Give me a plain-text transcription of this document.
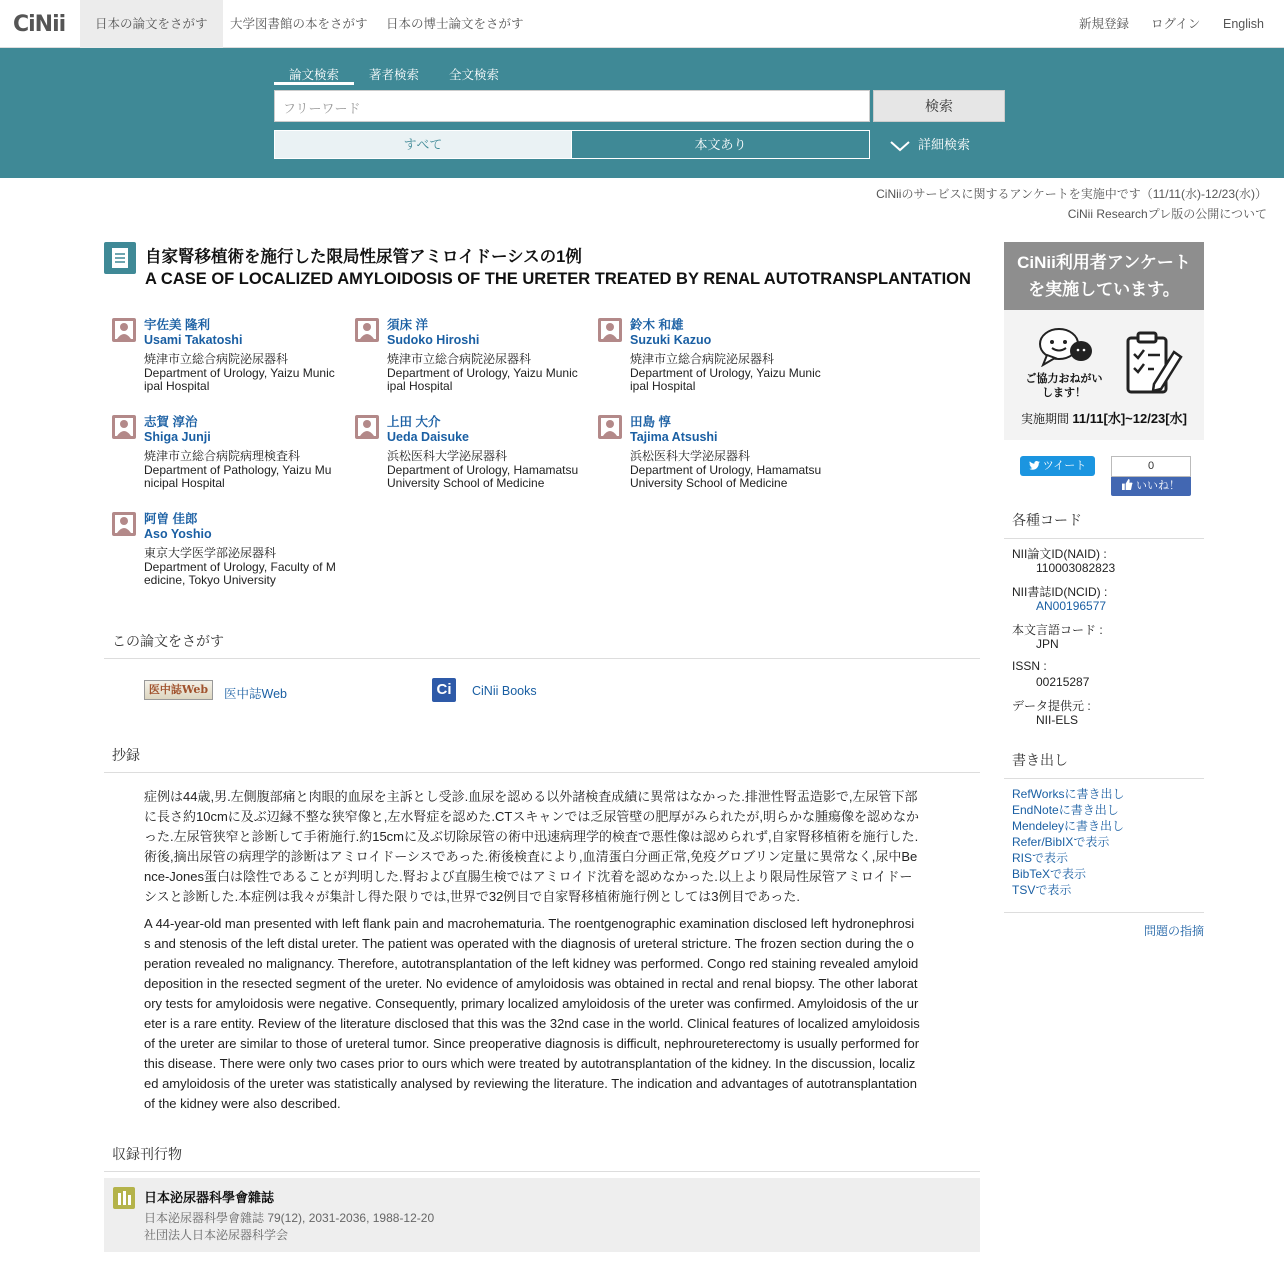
CiNii	日本の論文をさがす	大学図書館の本をさがす	日本の博士論文をさがす	新規登録 ログイン English
論文検索	著者検索	全文検索
フリーワード	検索
すべて	本文あり	詳細検索
CiNiiのサービスに関するアンケートを実施中です（11/11(水)-12/23(水)）
CiNii Researchプレ版の公開について
自家腎移植術を施行した限局性尿管アミロイドーシスの1例
A CASE OF LOCALIZED AMYLOIDOSIS OF THE URETER TREATED BY RENAL AUTOTRANSPLANTATION
宇佐美 隆利
Usami Takatoshi
焼津市立総合病院泌尿器科
Department of Urology, Yaizu Municipal Hospital
須床 洋
Sudoko Hiroshi
焼津市立総合病院泌尿器科
Department of Urology, Yaizu Municipal Hospital
鈴木 和雄
Suzuki Kazuo
焼津市立総合病院泌尿器科
Department of Urology, Yaizu Municipal Hospital
志賀 淳治
Shiga Junji
焼津市立総合病院病理検査科
Department of Pathology, Yaizu Municipal Hospital
上田 大介
Ueda Daisuke
浜松医科大学泌尿器科
Department of Urology, Hamamatsu University School of Medicine
田島 惇
Tajima Atsushi
浜松医科大学泌尿器科
Department of Urology, Hamamatsu University School of Medicine
阿曽 佳郎
Aso Yoshio
東京大学医学部泌尿器科
Department of Urology, Faculty of Medicine, Tokyo University
この論文をさがす
医中誌Web	医中誌Web	Ci	CiNii Books
抄録
症例は44歳,男.左側腹部痛と肉眼的血尿を主訴とし受診.血尿を認める以外諸検査成績に異常はなかった.排泄性腎盂造影で,左尿管下部に長さ約10cmに及ぶ辺縁不整な狭窄像と,左水腎症を認めた.CTスキャンでは乏尿管壁の肥厚がみられたが,明らかな腫瘍像を認めなかった.左尿管狭窄と診断して手術施行.約15cmに及ぶ切除尿管の術中迅速病理学的検査で悪性像は認められず,自家腎移植術を施行した.術後,摘出尿管の病理学的診断はアミロイドーシスであった.術後検査により,血清蛋白分画正常,免疫グロブリン定量に異常なく,尿中Bence-Jones蛋白は陰性であることが判明した.腎および直腸生検ではアミロイド沈着を認めなかった.以上より限局性尿管アミロイドーシスと診断した.本症例は我々が集計し得た限りでは,世界で32例目で自家腎移植術施行例としては3例目であった.
A 44-year-old man presented with left flank pain and macrohematuria. The roentgenographic examination disclosed left hydronephrosis and stenosis of the left distal ureter. The patient was operated with the diagnosis of ureteral stricture. The frozen section during the operation revealed no malignancy. Therefore, autotransplantation of the left kidney was performed. Congo red staining revealed amyloid deposition in the resected segment of the ureter. No evidence of amyloidosis was obtained in rectal and renal biopsy. The other laboratory tests for amyloidosis were negative. Consequently, primary localized amyloidosis of the ureter was confirmed. Amyloidosis of the ureter is a rare entity. Review of the literature disclosed that this was the 32nd case in the world. Clinical features of localized amyloidosis of the ureter are similar to those of ureteral tumor. Since preoperative diagnosis is difficult, nephroureterectomy is usually performed for this disease. There were only two cases prior to ours which were treated by autotransplantation of the kidney. In the discussion, localized amyloidosis of the ureter was statistically analysed by reviewing the literature. The indication and advantages of autotransplantation of the kidney were also described.
収録刊行物
日本泌尿器科學會雜誌
日本泌尿器科學會雜誌 79(12), 2031-2036, 1988-12-20
社団法人日本泌尿器科学会
CiNii利用者アンケート
を実施しています。
ご協力おねがいします！
実施期間 11/11[水]~12/23[水]
ツイート	0
いいね！
各種コード
NII論文ID(NAID) :
110003082823
NII書誌ID(NCID) :
AN00196577
本文言語コード :
JPN
ISSN :
00215287
データ提供元 :
NII-ELS
書き出し
RefWorksに書き出し
EndNoteに書き出し
Mendeleyに書き出し
Refer/BibIXで表示
RISで表示
BibTeXで表示
TSVで表示
問題の指摘
